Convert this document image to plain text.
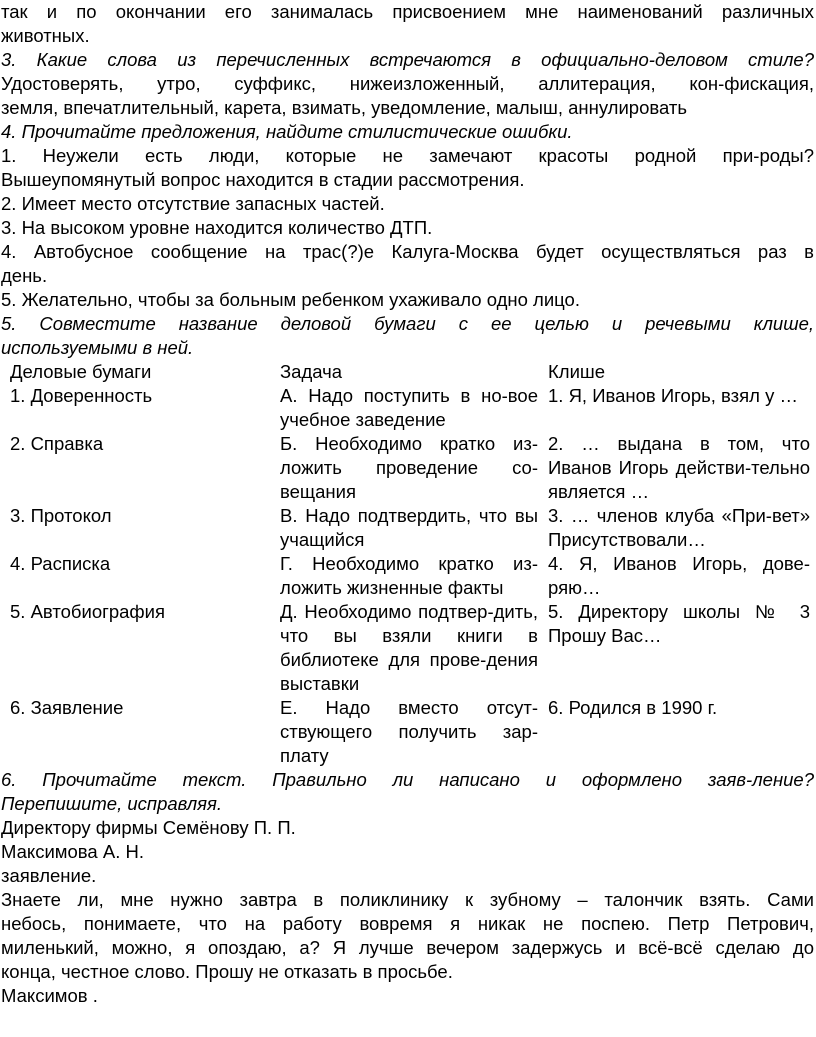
так и по окончании его занималась присвоением мне наименований различных

животных.

3. Какие слова из перечисленных встречаются в официально-деловом стиле?

Удостоверять, утро, суффикс, нижеизложенный, аллитерация, кон-фискация,

земля, впечатлительный, карета, взимать, уведомление, малыш, аннулировать

4. Прочитайте предложения, найдите стилистические ошибки.

1. Неужели есть люди, которые не замечают красоты родной при-роды?

Вышеупомянутый вопрос находится в стадии рассмотрения.

2. Имеет место отсутствие запасных частей.

3. На высоком уровне находится количество ДТП.

4. Автобусное сообщение на трас(?)е Калуга-Москва будет осуществляться раз в

день.

5. Желательно, чтобы за больным ребенком ухаживало одно лицо.

5. Совместите название деловой бумаги с ее целью и речевыми клише,

используемыми в ней.

Деловые бумаги	Задача	Клише
1. Доверенность	А. Надо поступить в но-вое учебное заведение	1. Я, Иванов Игорь, взял у …
2. Справка	Б. Необходимо кратко из-ложить проведение со-вещания	2. … выдана в том, что Иванов Игорь действи-тельно является …
3. Протокол	В. Надо подтвердить, что вы учащийся	3. … членов клуба «При-вет» Присутствовали…
4. Расписка	Г. Необходимо кратко из-ложить жизненные факты	4. Я, Иванов Игорь, дове-ряю…
5. Автобиография	Д. Необходимо подтвер-дить, что вы взяли книги в библиотеке для прове-дения выставки	5. Директору школы № 3 Прошу Вас…
6. Заявление	Е. Надо вместо отсут-ствующего получить зар-плату	6. Родился в 1990 г.

6. Прочитайте текст. Правильно ли написано и оформлено заяв-ление?

Перепишите, исправляя.

Директору фирмы Семёнову П. П.

Максимова А. Н.

заявление.

Знаете ли, мне нужно завтра в поликлинику к зубному – талончик взять. Сами

небось, понимаете, что на работу вовремя я никак не поспею. Петр Петрович,

миленький, можно, я опоздаю, а? Я лучше вечером задержусь и всё-всё сделаю до

конца, честное слово. Прошу не отказать в просьбе.

Максимов .
